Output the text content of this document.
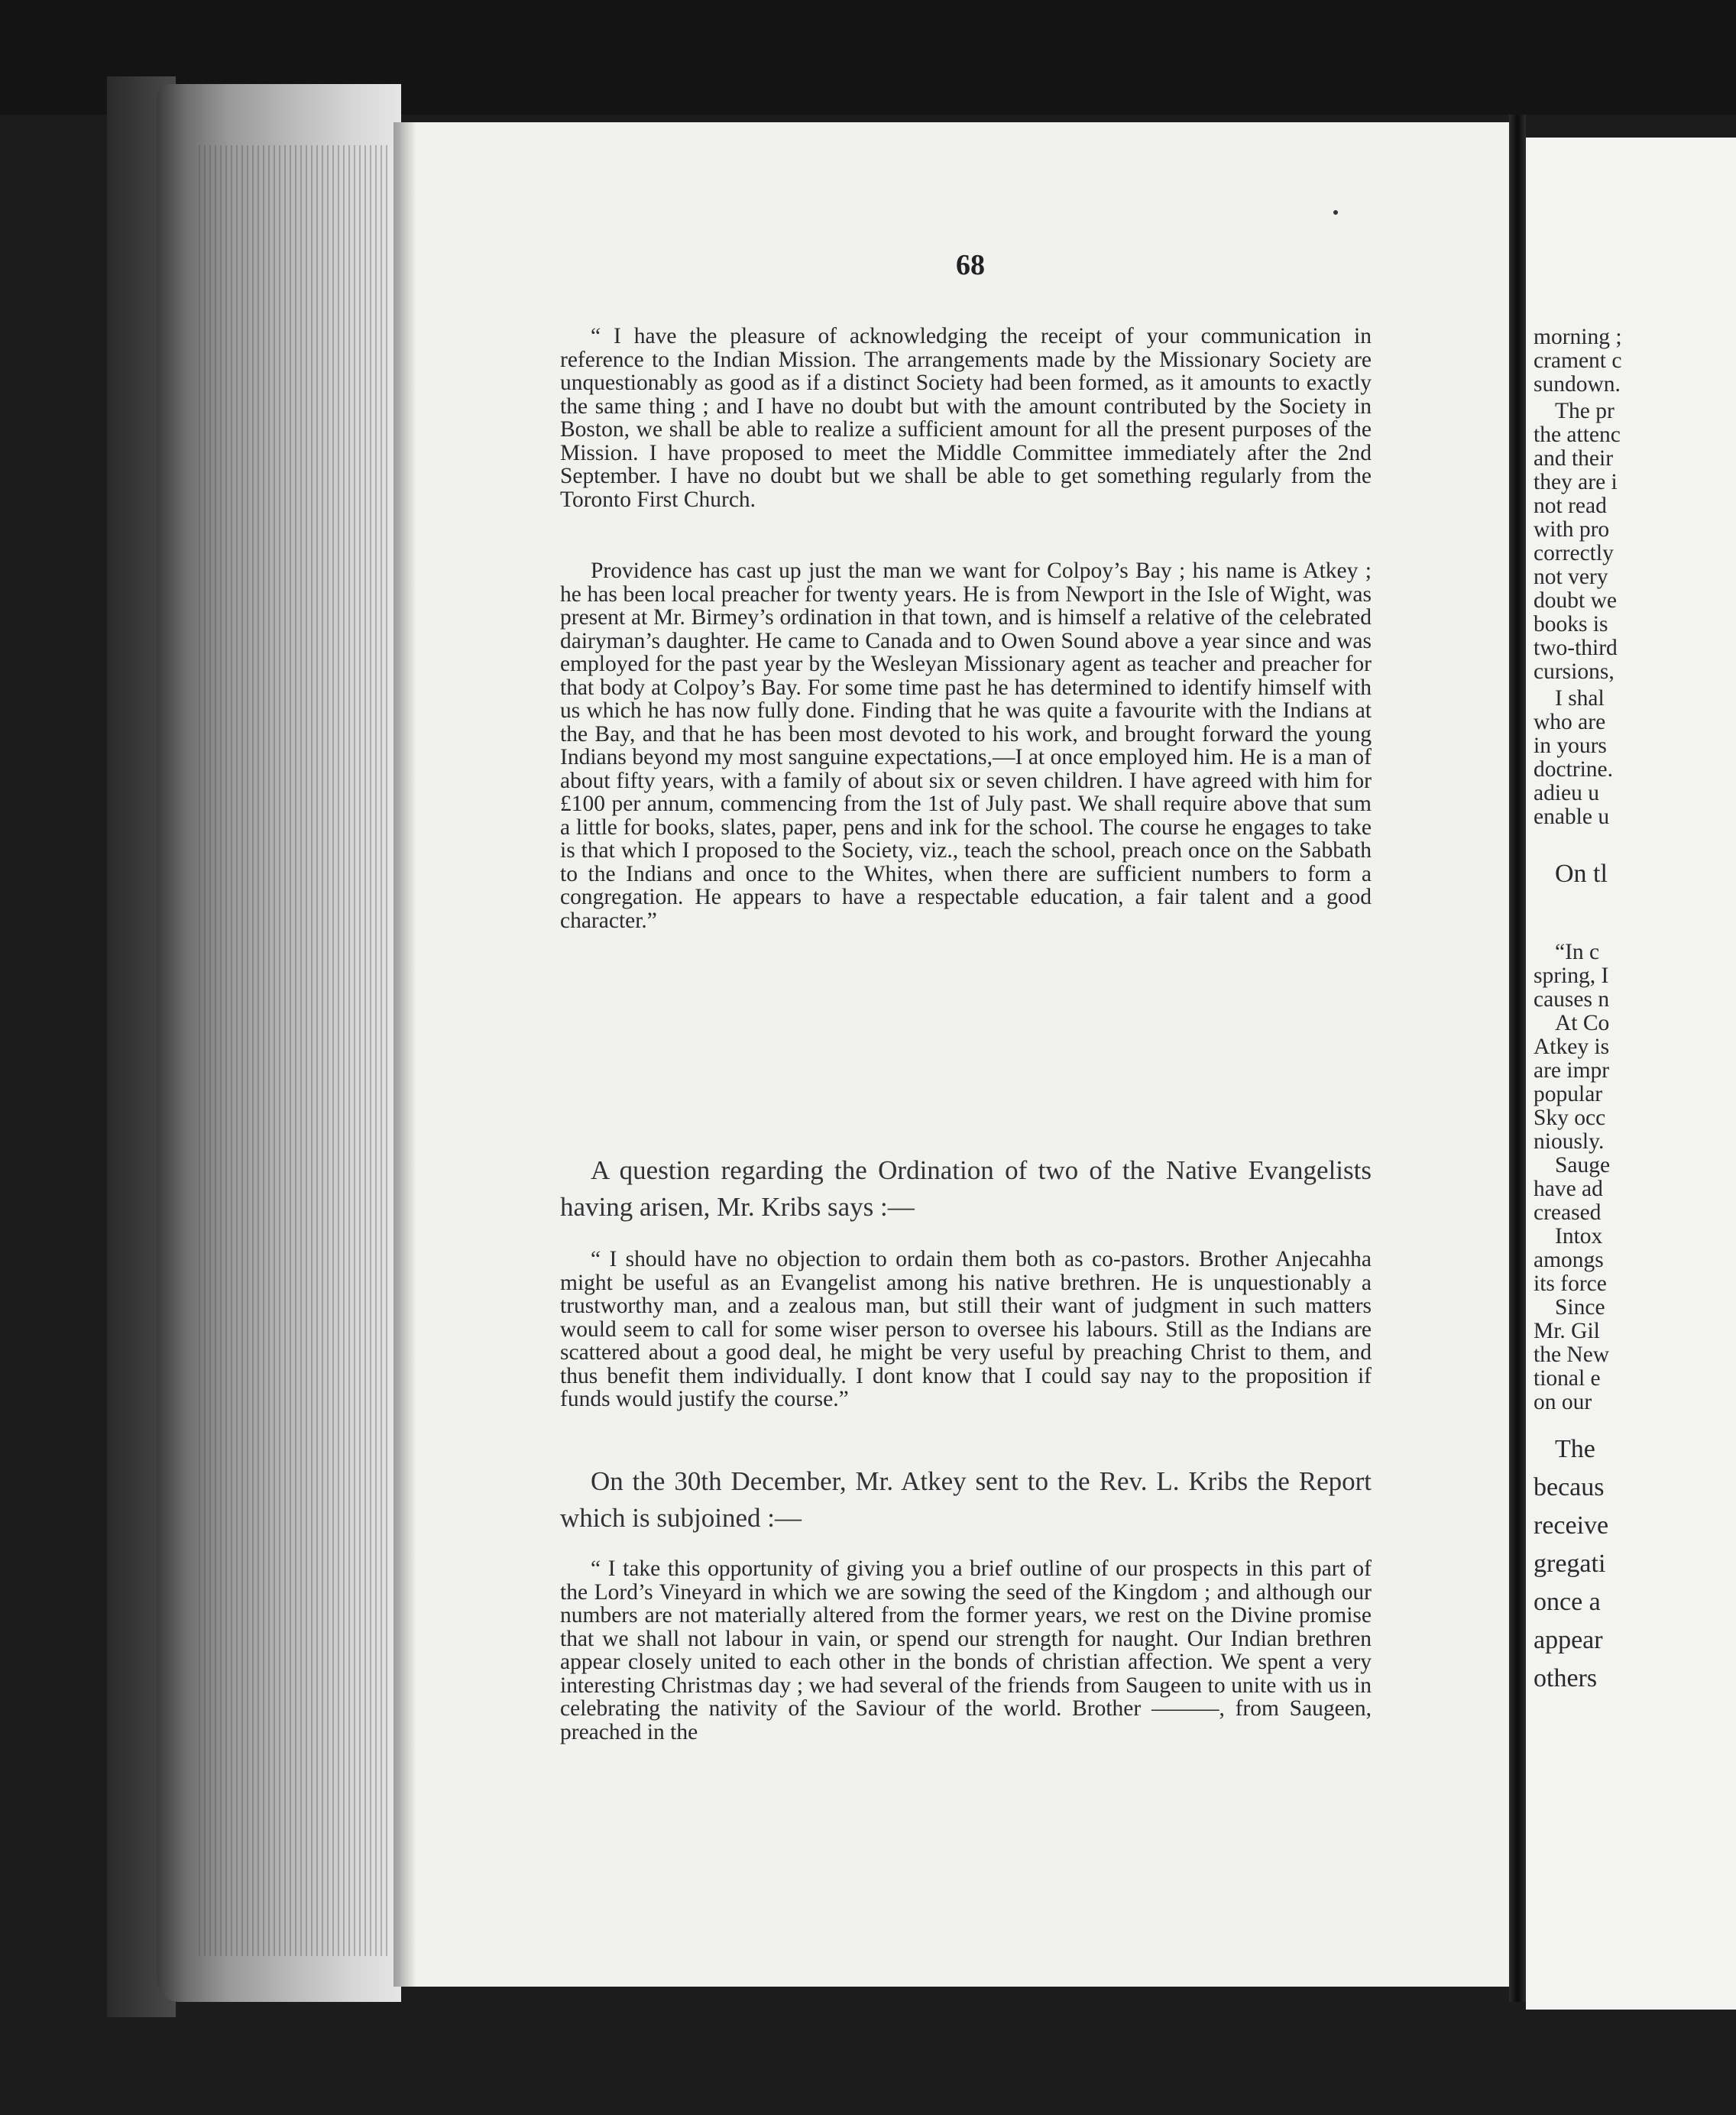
68

“ I have the pleasure of acknowledging the receipt of your communication in reference to the Indian Mission. The arrangements made by the Missionary Society are unquestionably as good as if a distinct Society had been formed, as it amounts to exactly the same thing ; and I have no doubt but with the amount contributed by the Society in Boston, we shall be able to realize a sufficient amount for all the present purposes of the Mission. I have proposed to meet the Middle Committee immediately after the 2nd September. I have no doubt but we shall be able to get something regularly from the Toronto First Church.

Providence has cast up just the man we want for Colpoy’s Bay ; his name is Atkey ; he has been local preacher for twenty years. He is from Newport in the Isle of Wight, was present at Mr. Birmey’s ordination in that town, and is himself a relative of the celebrated dairyman’s daughter. He came to Canada and to Owen Sound above a year since and was employed for the past year by the Wesleyan Missionary agent as teacher and preacher for that body at Colpoy’s Bay. For some time past he has determined to identify himself with us which he has now fully done. Finding that he was quite a favourite with the Indians at the Bay, and that he has been most devoted to his work, and brought forward the young Indians beyond my most sanguine expectations,—I at once employed him. He is a man of about fifty years, with a family of about six or seven children. I have agreed with him for £100 per annum, commencing from the 1st of July past. We shall require above that sum a little for books, slates, paper, pens and ink for the school. The course he engages to take is that which I proposed to the Society, viz., teach the school, preach once on the Sabbath to the Indians and once to the Whites, when there are sufficient numbers to form a congregation. He appears to have a respectable education, a fair talent and a good character.”

A question regarding the Ordination of two of the Native Evangelists having arisen, Mr. Kribs says :—

“ I should have no objection to ordain them both as co-pastors. Brother Anjecahha might be useful as an Evangelist among his native brethren. He is unquestionably a trustworthy man, and a zealous man, but still their want of judgment in such matters would seem to call for some wiser person to oversee his labours. Still as the Indians are scattered about a good deal, he might be very useful by preaching Christ to them, and thus benefit them individually. I dont know that I could say nay to the proposition if funds would justify the course.”

On the 30th December, Mr. Atkey sent to the Rev. L. Kribs the Report which is subjoined :—

“ I take this opportunity of giving you a brief outline of our prospects in this part of the Lord’s Vineyard in which we are sowing the seed of the Kingdom ; and although our numbers are not materially altered from the former years, we rest on the Divine promise that we shall not labour in vain, or spend our strength for naught. Our Indian brethren appear closely united to each other in the bonds of christian affection. We spent a very interesting Christmas day ; we had several of the friends from Saugeen to unite with us in celebrating the nativity of the Saviour of the world. Brother ———, from Saugeen, preached in the

morning ;

crament c

sundown.

The pr

the attenc

and their

they are i

not read

with pro

correctly

not very

doubt we

books is

two-third

cursions,

I shal

who are

in yours

doctrine.

adieu u

enable u

On tl

“In c

spring, I

causes n

At Co

Atkey is

are impr

popular

Sky occ

niously.

Sauge

have ad

creased

Intox

amongs

its force

Since

Mr. Gil

the New

tional e

on our

The

becaus

receive

gregati

once a

appear

others
